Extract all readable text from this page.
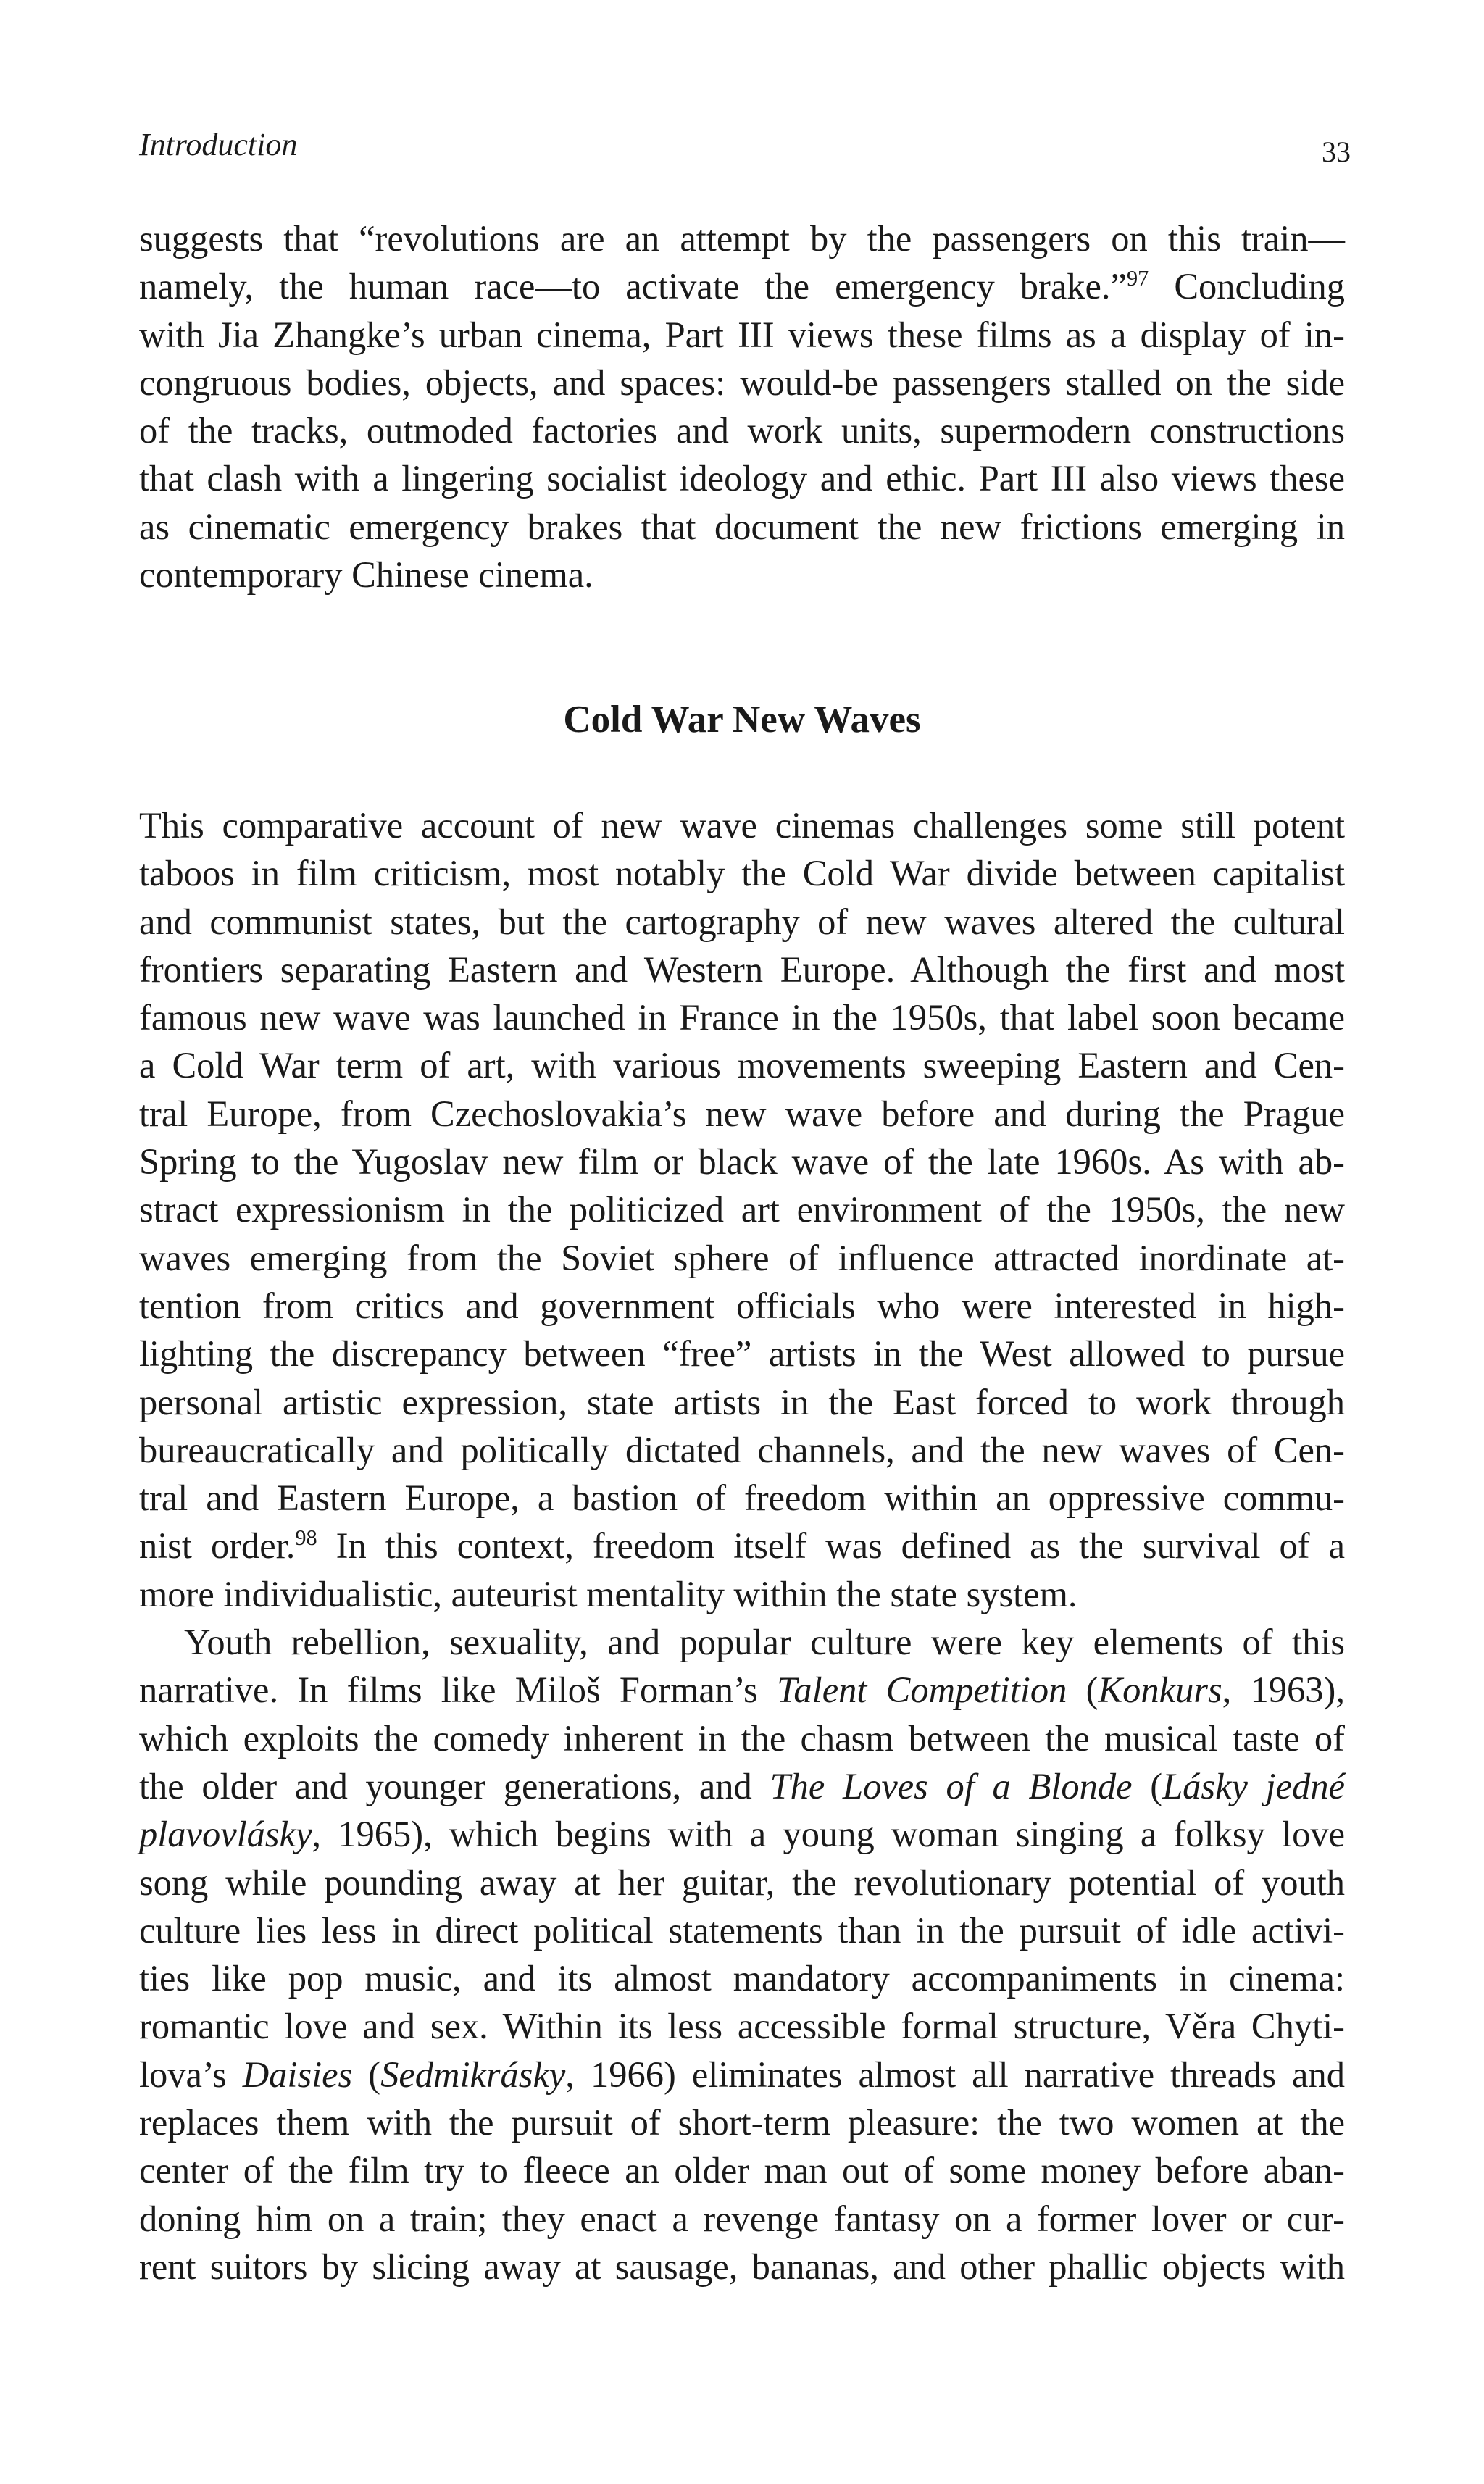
Introduction	33

suggests that “revolutions are an attempt by the passengers on this train—
namely, the human race—to activate the emergency brake.”$^{97}$ Concluding
with Jia Zhangke’s urban cinema, Part III views these films as a display of in-
congruous bodies, objects, and spaces: would-be passengers stalled on the side
of the tracks, outmoded factories and work units, supermodern constructions
that clash with a lingering socialist ideology and ethic. Part III also views these
as cinematic emergency brakes that document the new frictions emerging in
contemporary Chinese cinema.

Cold War New Waves

This comparative account of new wave cinemas challenges some still potent
taboos in film criticism, most notably the Cold War divide between capitalist
and communist states, but the cartography of new waves altered the cultural
frontiers separating Eastern and Western Europe. Although the first and most
famous new wave was launched in France in the 1950s, that label soon became
a Cold War term of art, with various movements sweeping Eastern and Cen-
tral Europe, from Czechoslovakia’s new wave before and during the Prague
Spring to the Yugoslav new film or black wave of the late 1960s. As with ab-
stract expressionism in the politicized art environment of the 1950s, the new
waves emerging from the Soviet sphere of influence attracted inordinate at-
tention from critics and government officials who were interested in high-
lighting the discrepancy between “free” artists in the West allowed to pursue
personal artistic expression, state artists in the East forced to work through
bureaucratically and politically dictated channels, and the new waves of Cen-
tral and Eastern Europe, a bastion of freedom within an oppressive commu-
nist order.$^{98}$ In this context, freedom itself was defined as the survival of a
more individualistic, auteurist mentality within the state system.

Youth rebellion, sexuality, and popular culture were key elements of this
narrative. In films like Miloš Forman’s Talent Competition (Konkurs, 1963),
which exploits the comedy inherent in the chasm between the musical taste of
the older and younger generations, and The Loves of a Blonde (Lásky jedné
plavovlásky, 1965), which begins with a young woman singing a folksy love
song while pounding away at her guitar, the revolutionary potential of youth
culture lies less in direct political statements than in the pursuit of idle activi-
ties like pop music, and its almost mandatory accompaniments in cinema:
romantic love and sex. Within its less accessible formal structure, Věra Chyti-
lova’s Daisies (Sedmikrásky, 1966) eliminates almost all narrative threads and
replaces them with the pursuit of short-term pleasure: the two women at the
center of the film try to fleece an older man out of some money before aban-
doning him on a train; they enact a revenge fantasy on a former lover or cur-
rent suitors by slicing away at sausage, bananas, and other phallic objects with
